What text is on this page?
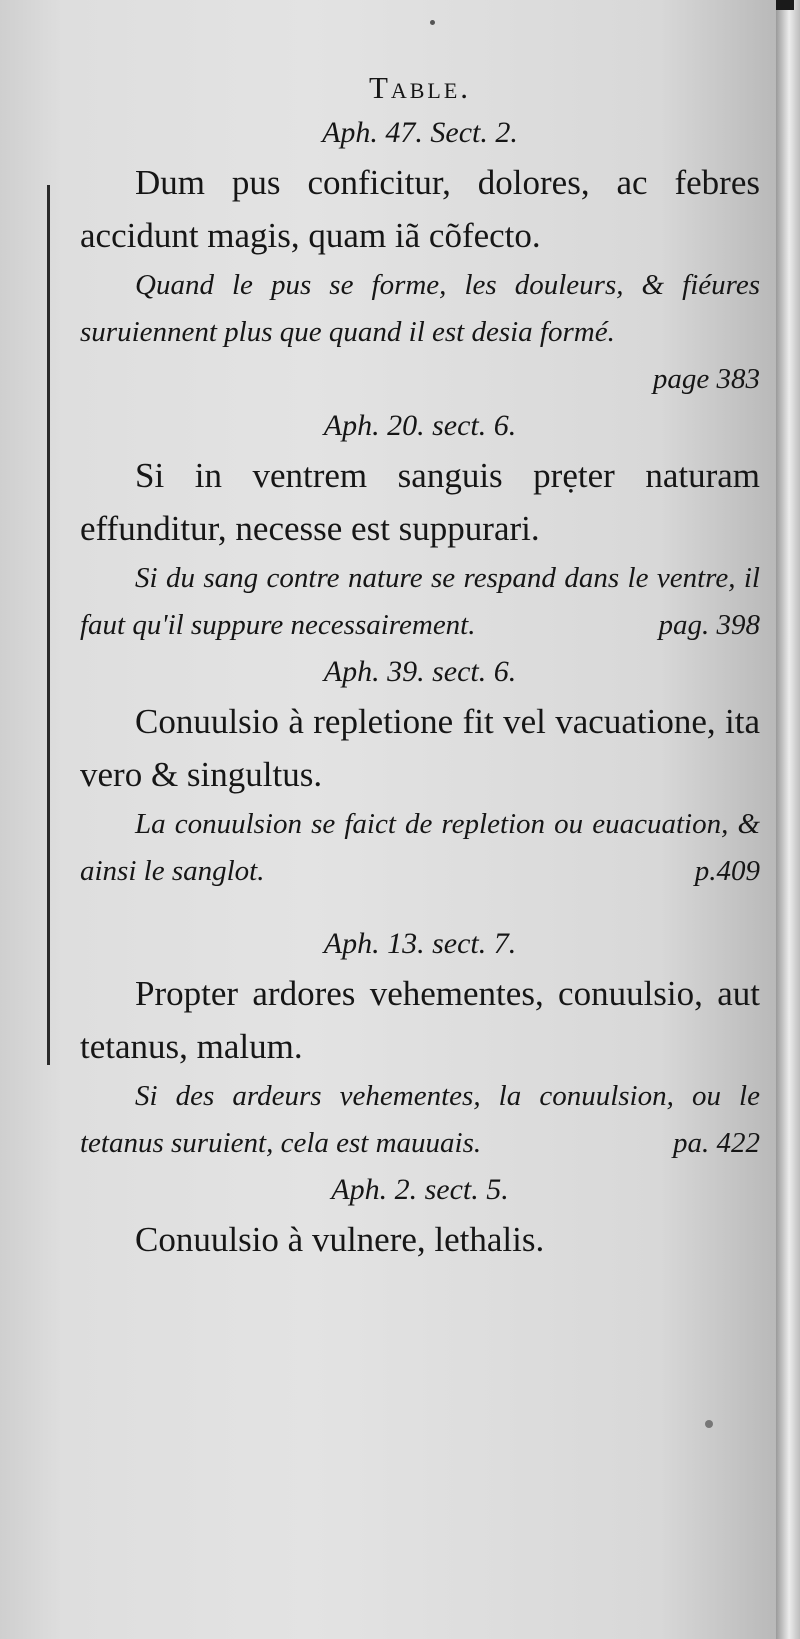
Table.

Aph. 47. Sect. 2.

Dum pus conficitur, dolores, ac febres accidunt magis, quam iã cõfecto.

Quand le pus se forme, les douleurs, & fiéures suruiennent plus que quand il est desia formé.
page 383

Aph. 20. sect. 6.

Si in ventrem sanguis prẹter naturam effunditur, necesse est suppurari.

Si du sang contre nature se respand dans le ventre, il faut qu'il suppure necessairement.	pag. 398

Aph. 39. sect. 6.

Conuulsio à repletione fit vel vacuatione, ita vero & singultus.

La conuulsion se faict de repletion ou euacuation, & ainsi le sanglot.	p.409

Aph. 13. sect. 7.

Propter ardores vehementes, conuulsio, aut tetanus, malum.

Si des ardeurs vehementes, la conuulsion, ou le tetanus suruient, cela est mauuais.	pa. 422

Aph. 2. sect. 5.

Conuulsio à vulnere, lethalis.
